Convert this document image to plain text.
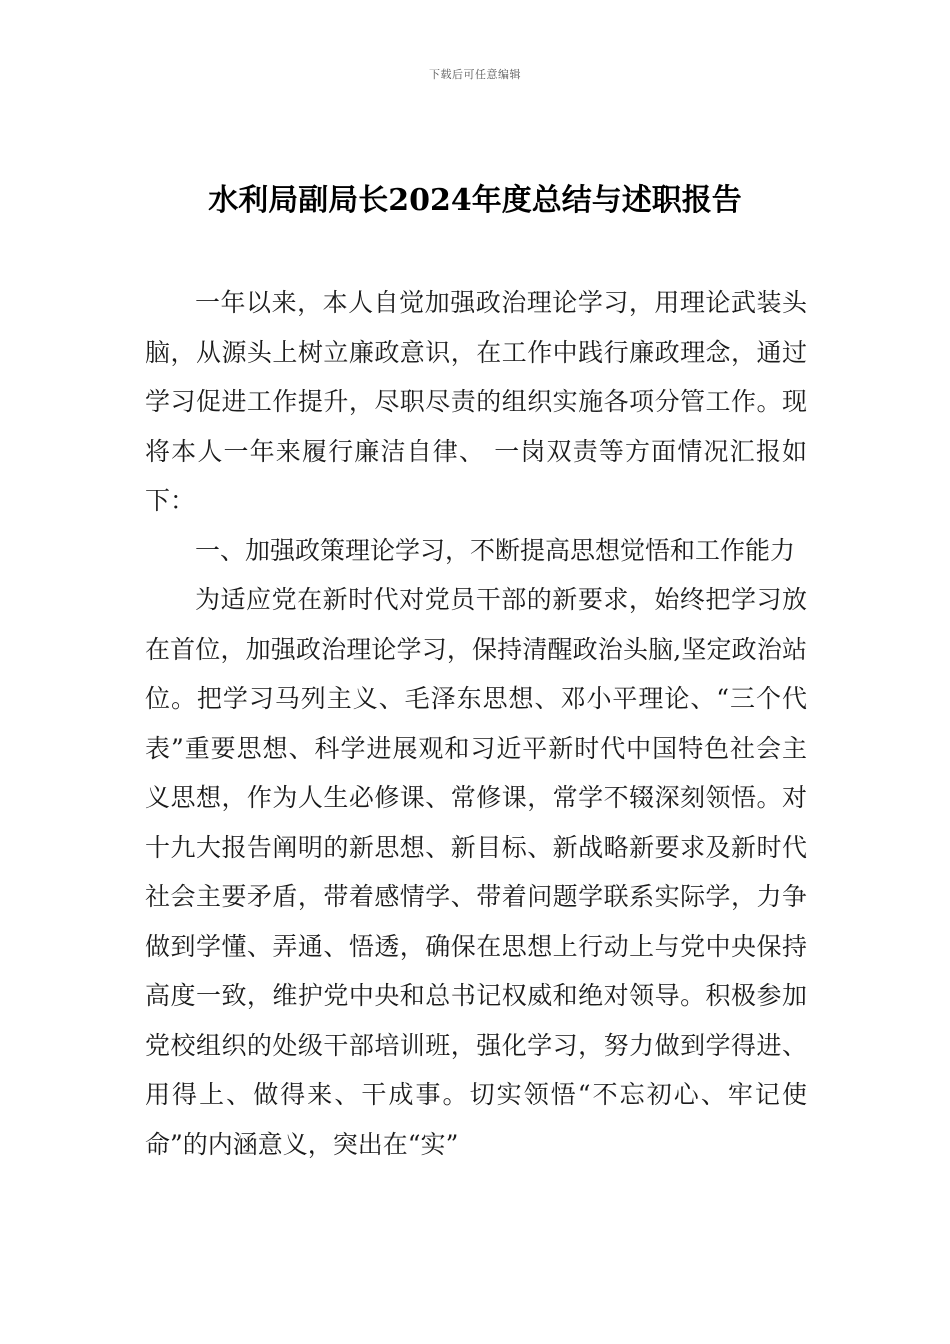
下载后可任意编辑
水利局副局长2024年度总结与述职报告

一年以来，本人自觉加强政治理论学习，用理论武装头脑，从源头上树立廉政意识，在工作中践行廉政理念，通过学习促进工作提升，尽职尽责的组织实施各项分管工作。现将本人一年来履行廉洁自律、 一岗双责等方面情况汇报如下：

一、加强政策理论学习，不断提高思想觉悟和工作能力

为适应党在新时代对党员干部的新要求，始终把学习放在首位，加强政治理论学习，保持清醒政治头脑,坚定政治站位。把学习马列主义、毛泽东思想、邓小平理论、“三个代表”重要思想、科学进展观和习近平新时代中国特色社会主义思想，作为人生必修课、常修课，常学不辍深刻领悟。对十九大报告阐明的新思想、新目标、新战略新要求及新时代社会主要矛盾，带着感情学、带着问题学联系实际学，力争做到学懂、弄通、悟透，确保在思想上行动上与党中央保持高度一致，维护党中央和总书记权威和绝对领导。积极参加党校组织的处级干部培训班，强化学习，努力做到学得进、用得上、做得来、干成事。切实领悟“不忘初心、牢记使命”的内涵意义，突出在“实”
